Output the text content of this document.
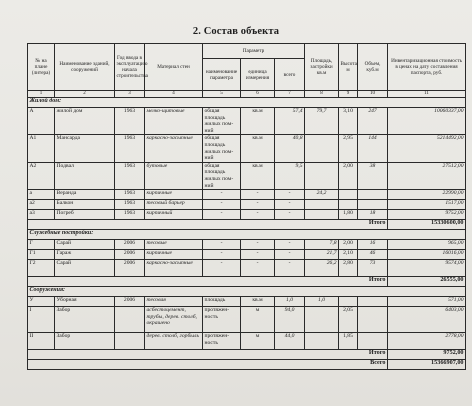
2. Состав объекта
№ на плане (литера)	Наименование зданий, сооружений	Год ввода в эксплуатацию начала строительства	Материал стен	Параметр			Площадь, застройки кв.м	Высота, м	Объем, куб.м	Инвентаризационная стоимость в ценах на дату составления паспорта, руб.
				наименование параметра	единица измерения	всего				
1	2	3	4	5	6	7	8	9	10	11
Жилой дом:										
А	жилой дом	1963	мелко-щитовые	общая площадь жилых пом-ний	кв.м	57,4	79,7	3,10	247	10060337,00
А1	Мансарда	1963	каркасно-засыпные	общая площадь жилых пом-ний	кв.м	40,8		2,95	144	5214492,00
А2	Подвал	1963	бутовые	общая площадь жилых пом-ний	кв.м	9,5		2,00	38	27512,00
а	Веранда	1963	кирпичные	-	-	-	24,2			22990,00
а2	Балкон	1963	тесовый барьер	-	-	-				1517,00
а3	Погреб	1963	кирпичный	-	-	-		1,80	18	9752,00
Итого										15330600,00
Служебные постройки:										
Г	Сарай	2006	тесовые	-	-	-	7,8	2,00	16	965,00
Г1	Гараж	2006	кирпичные	-	-	-	21,7	2,10	46	16016,00
Г2	Сарай	2006	каркасно-засыпные	-	-	-	26,2	2,80	73	9574,00
Итого										26555,00
Сооружения:										
У	Уборная	2006	тесовая	площадь	кв.м	1,0	1,0			571,00
I	Забор		асбестоцемент, трубы, дерев. столб, окрашено	протяжен-ность	м	94,0		2,05		6403,00
II	Забор		дерев. столб, горбыль	протяжен-ность	м	44,0		1,85		2778,00
Итого										9752,00
Всего										15366907,00
